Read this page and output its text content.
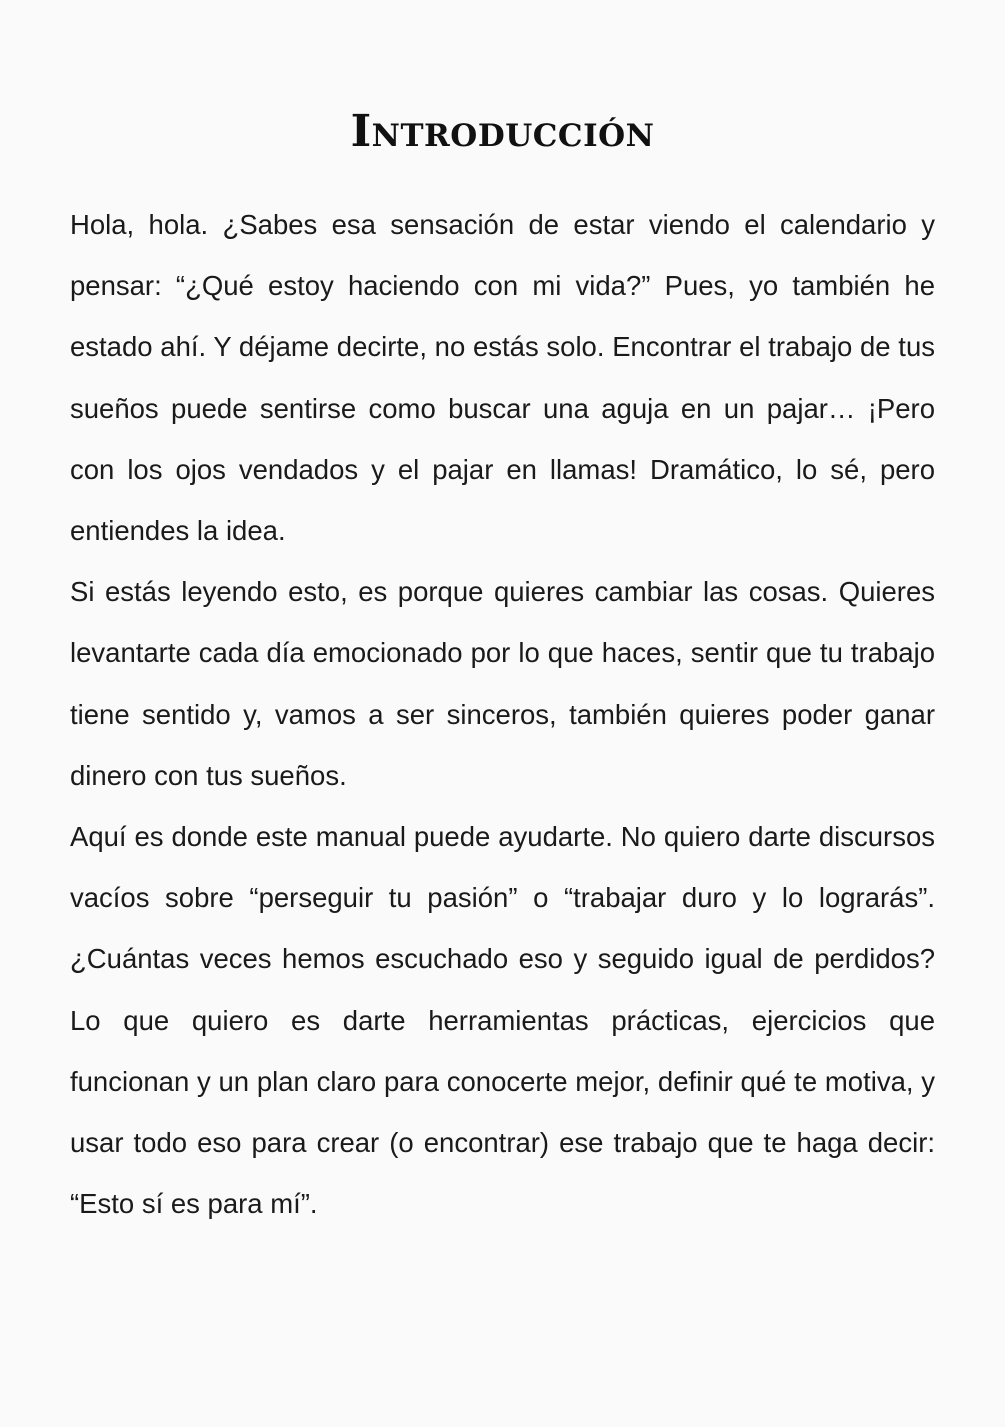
Introducción

Hola, hola. ¿Sabes esa sensación de estar viendo el calendario y pensar: “¿Qué estoy haciendo con mi vida?” Pues, yo también he estado ahí. Y déjame decirte, no estás solo. Encontrar el trabajo de tus sueños puede sentirse como buscar una aguja en un pajar… ¡Pero con los ojos vendados y el pajar en llamas! Dramático, lo sé, pero entiendes la idea.

Si estás leyendo esto, es porque quieres cambiar las cosas. Quieres levantarte cada día emocionado por lo que haces, sentir que tu trabajo tiene sentido y, vamos a ser sinceros, también quieres poder ganar dinero con tus sueños.

Aquí es donde este manual puede ayudarte. No quiero darte discursos vacíos sobre “perseguir tu pasión” o “trabajar duro y lo lograrás”. ¿Cuántas veces hemos escuchado eso y seguido igual de perdidos? Lo que quiero es darte herramientas prácticas, ejercicios que funcionan y un plan claro para conocerte mejor, definir qué te motiva, y usar todo eso para crear (o encontrar) ese trabajo que te haga decir: “Esto sí es para mí”.
